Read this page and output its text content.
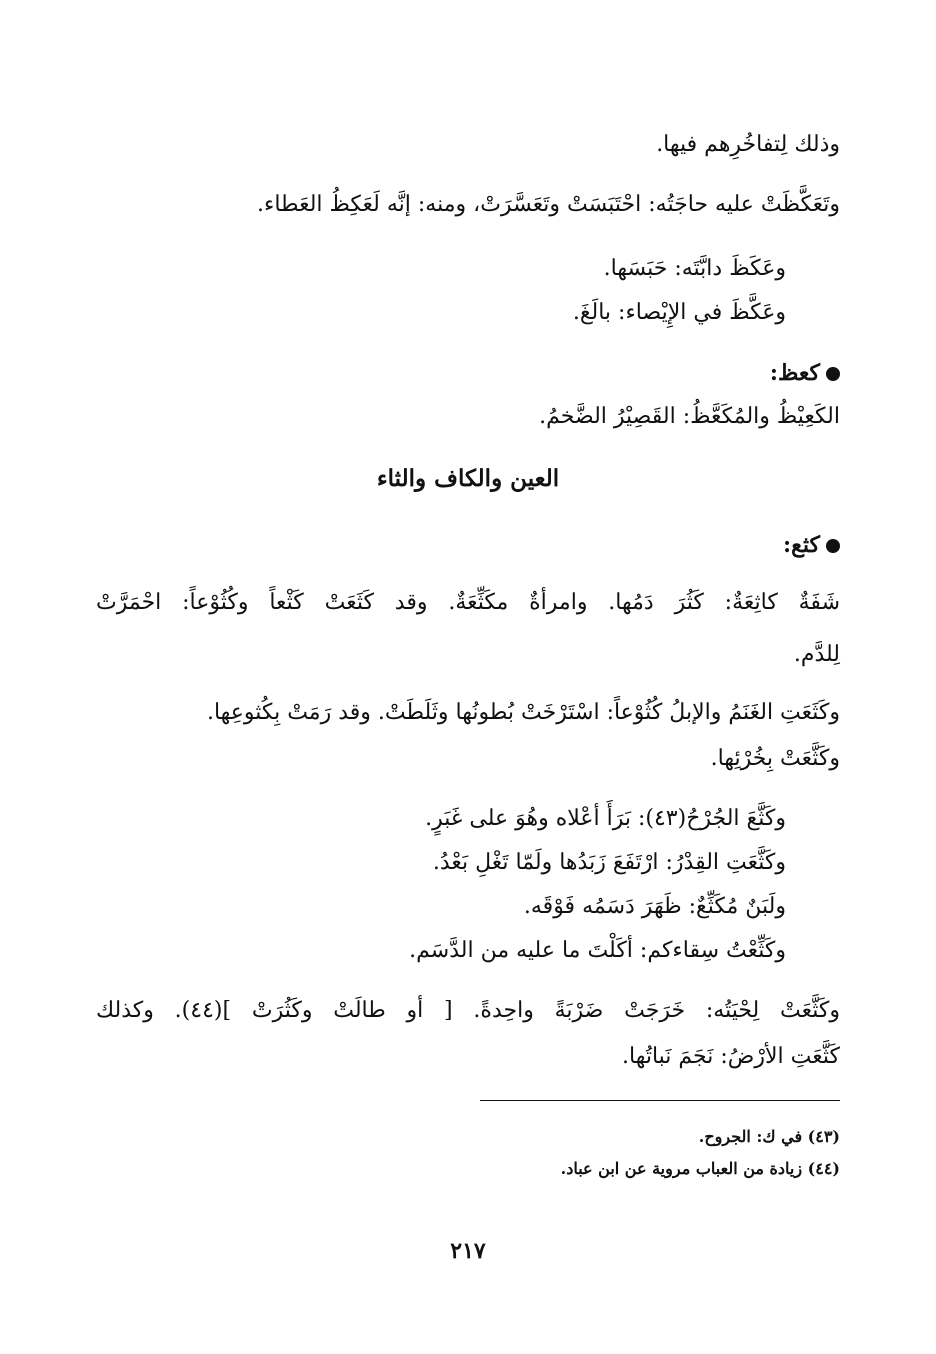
وذلك لِتفاخُرِهم فيها.
وتَعَكَّظَتْ عليه حاجَتُه: احْتَبَسَتْ وتَعَسَّرَتْ، ومنه: إنَّه لَعَكِظُ العَطاء.
وعَكَظَ دابَّتَه: حَبَسَها.
وعَكَّظَ في الإِيْصاء: بالَغَ.
كعظ:
الكَعِيْظُ والمُكَعَّظُ: القَصِيْرُ الضَّخمُ.
العين والكاف والثاء
كثع:
شَفَةٌ كاثِعَةٌ: كَثُرَ دَمُها. وامرأةٌ مكَثِّعَةٌ. وقد كَثَعَتْ كَثْعاً وكُثُوْعاً: احْمَرَّتْ
لِلدَّم.
وكَثَعَتِ الغَنَمُ والإبلُ كُثُوْعاً: اسْتَرْخَتْ بُطونُها وثَلَطَتْ. وقد رَمَتْ بِكُثوعِها.
وكَثَّعَتْ بِخُرْئِها.
وكَثَّعَ الجُرْحُ(٤٣): بَرَأَ أعْلاه وهُوَ على غَبَرٍ.
وكَثَّعَتِ القِدْرُ: ارْتَفَعَ زَبَدُها ولَمّا تَغْلِ بَعْدُ.
ولَبَنٌ مُكَثِّعٌ: ظَهَرَ دَسَمُه فَوْقَه.
وكَثِّعْتُ سِقاءكم: أكَلْتَ ما عليه من الدَّسَم.
وكَثَّعَتْ لِحْيَتُه: خَرَجَتْ ضَرْبَةً واحِدةً. [ أو طالَتْ وكَثُرَتْ ](٤٤). وكذلك
كَثَّعَتِ الأرْضُ: نَجَمَ نَباتُها.
(٤٣) في ك: الجروح.
(٤٤) زيادة من العباب مروية عن ابن عباد.
٢١٧
